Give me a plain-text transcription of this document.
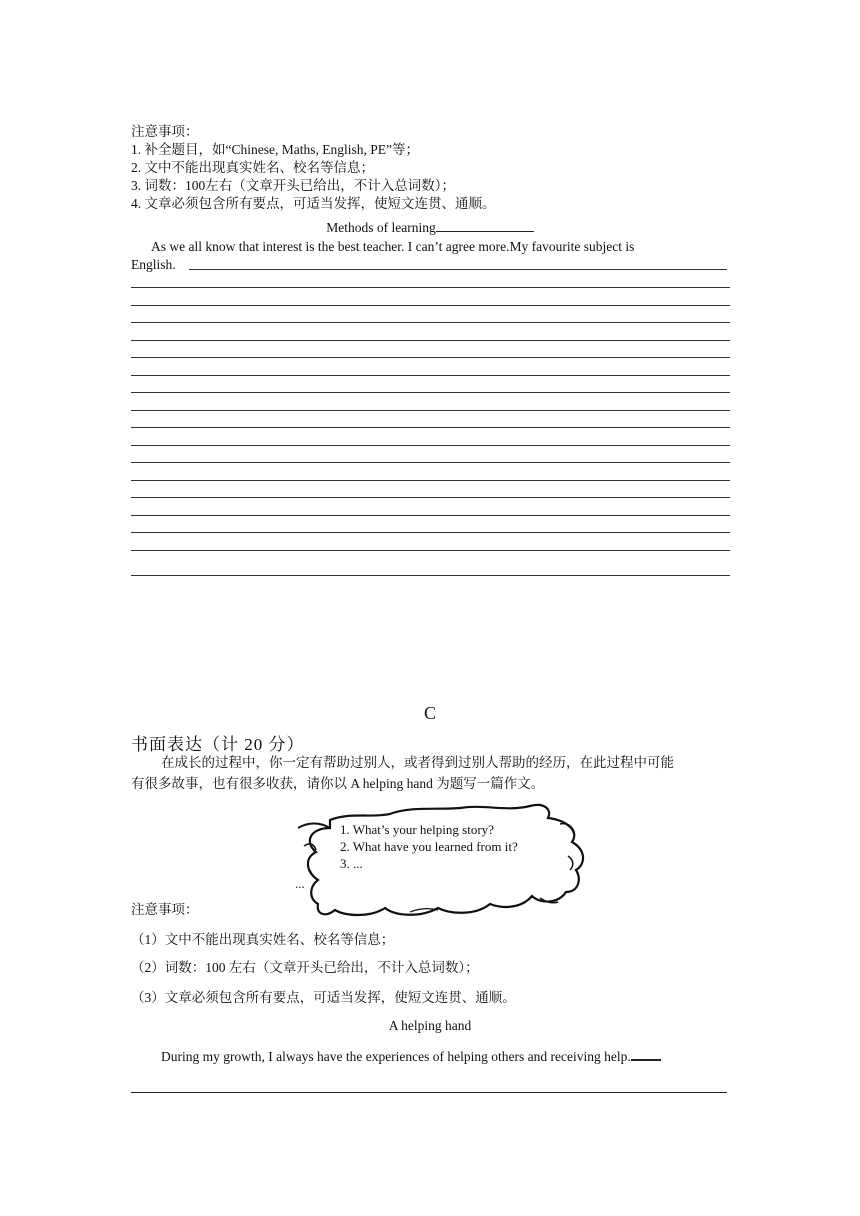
注意事项：
1. 补全题目，如“Chinese, Maths, English, PE”等；
2. 文中不能出现真实姓名、校名等信息；
3. 词数：100左右（文章开头已给出，不计入总词数）；
4. 文章必须包含所有要点，可适当发挥，使短文连贯、通顺。
Methods of learning
As we all know that interest is the best teacher. I can’t agree more.My favourite subject is
English.
C
书面表达（计 20 分）
在成长的过程中，你一定有帮助过别人，或者得到过别人帮助的经历，在此过程中可能
有很多故事，也有很多收获，请你以 A helping hand 为题写一篇作文。
1. What’s your helping story?
2. What have you learned from it?
3. ...
...
注意事项：
（1）文中不能出现真实姓名、校名等信息；
（2）词数：100 左右（文章开头已给出，不计入总词数）；
（3）文章必须包含所有要点，可适当发挥，使短文连贯、通顺。
A helping hand
During my growth, I always have the experiences of helping others and receiving help.
